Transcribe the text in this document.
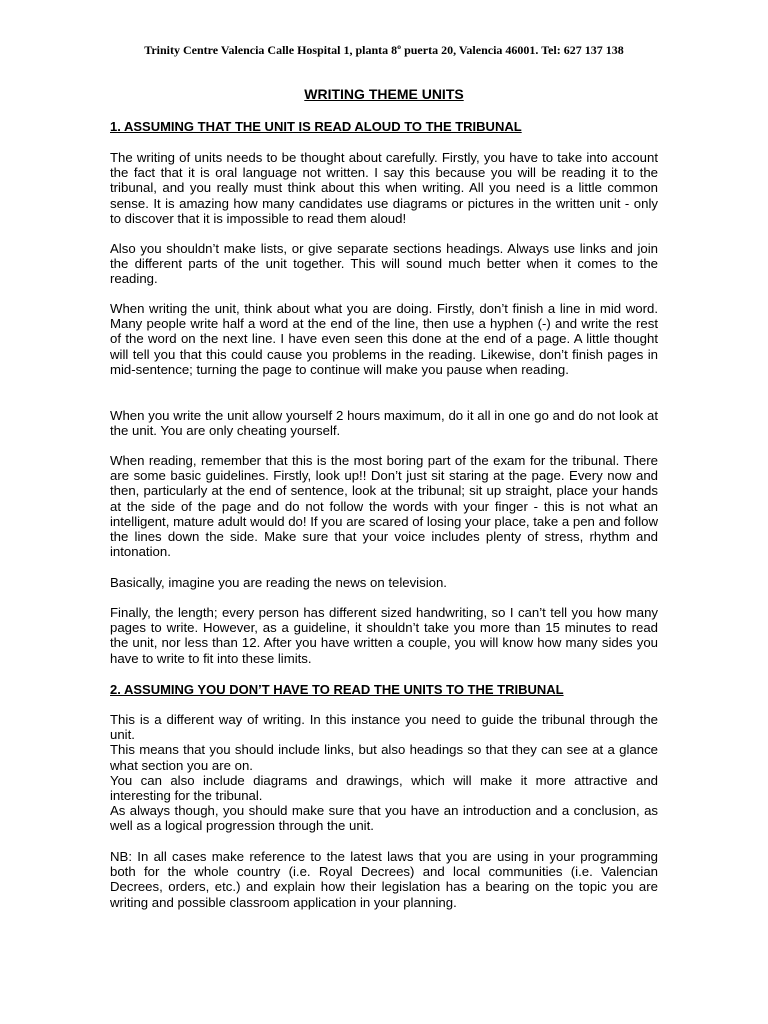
Trinity Centre Valencia Calle Hospital 1, planta 8º puerta 20, Valencia 46001. Tel: 627 137 138
WRITING THEME UNITS
1. ASSUMING THAT THE UNIT IS READ ALOUD TO THE TRIBUNAL

The writing of units needs to be thought about carefully. Firstly, you have to take into account the fact that it is oral language not written. I say this because you will be reading it to the tribunal, and you really must think about this when writing. All you need is a little common sense. It is amazing how many candidates use diagrams or pictures in the written unit - only to discover that it is impossible to read them aloud!

Also you shouldn’t make lists, or give separate sections headings. Always use links and join the different parts of the unit together. This will sound much better when it comes to the reading.

When writing the unit, think about what you are doing. Firstly, don’t finish a line in mid word. Many people write half a word at the end of the line, then use a hyphen (-) and write the rest of the word on the next line. I have even seen this done at the end of a page. A little thought will tell you that this could cause you problems in the reading. Likewise, don’t finish pages in mid-sentence; turning the page to continue will make you pause when reading.

When you write the unit allow yourself 2 hours maximum, do it all in one go and do not look at the unit. You are only cheating yourself.

When reading, remember that this is the most boring part of the exam for the tribunal. There are some basic guidelines. Firstly, look up!! Don’t just sit staring at the page. Every now and then, particularly at the end of sentence, look at the tribunal; sit up straight, place your hands at the side of the page and do not follow the words with your finger - this is not what an intelligent, mature adult would do! If you are scared of losing your place, take a pen and follow the lines down the side. Make sure that your voice includes plenty of stress, rhythm and intonation.

Basically, imagine you are reading the news on television.

Finally, the length; every person has different sized handwriting, so I can’t tell you how many pages to write. However, as a guideline, it shouldn’t take you more than 15 minutes to read the unit, nor less than 12. After you have written a couple, you will know how many sides you have to write to fit into these limits.

2. ASSUMING YOU DON’T HAVE TO READ THE UNITS TO THE TRIBUNAL
This is a different way of writing. In this instance you need to guide the tribunal through the unit.
This means that you should include links, but also headings so that they can see at a glance what section you are on.
You can also include diagrams and drawings, which will make it more attractive and interesting for the tribunal.
As always though, you should make sure that you have an introduction and a conclusion, as well as a logical progression through the unit.

NB: In all cases make reference to the latest laws that you are using in your programming both for the whole country (i.e. Royal Decrees) and local communities (i.e. Valencian Decrees, orders, etc.) and explain how their legislation has a bearing on the topic you are writing and possible classroom application in your planning.
